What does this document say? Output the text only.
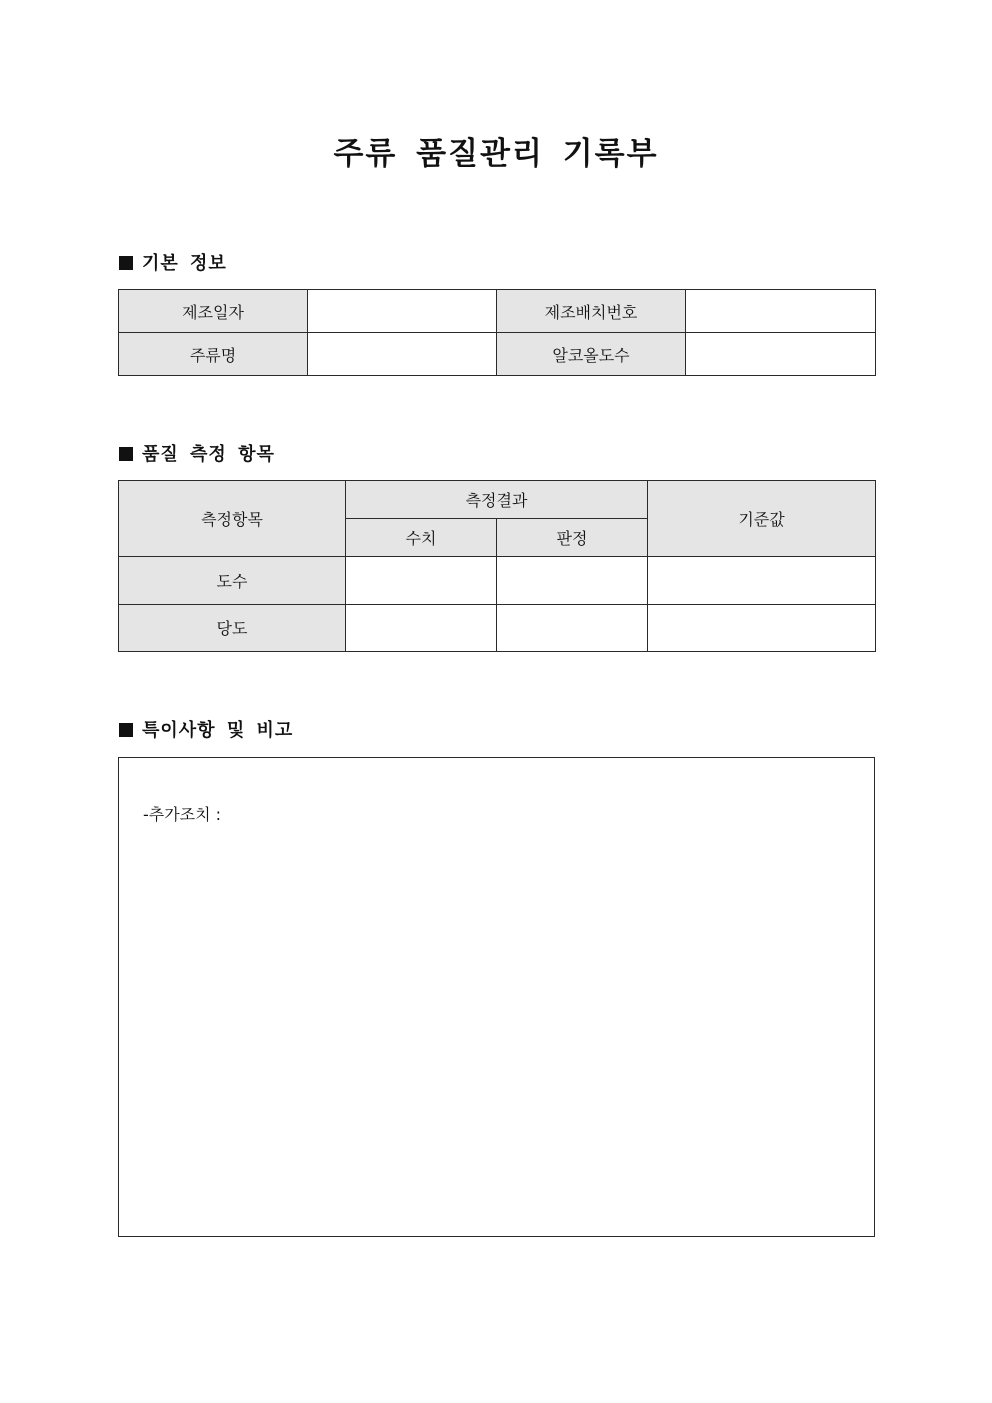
주류 품질관리 기록부
기본 정보
제조일자		제조배치번호	
주류명		알코올도수	
품질 측정 항목
측정항목	측정결과		기준값
	수치	판정	
도수			
당도			
특이사항 및 비고
-추가조치 :
